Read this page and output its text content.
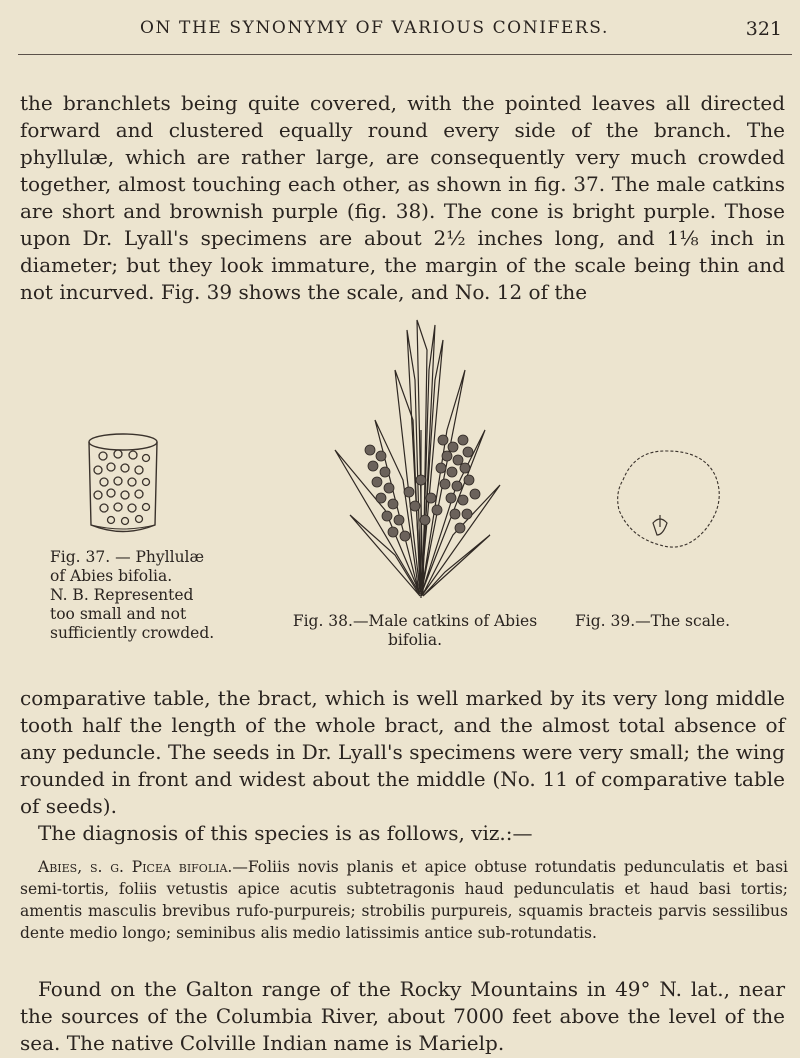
ON THE SYNONYMY OF VARIOUS CONIFERS.	321

the branchlets being quite covered, with the pointed leaves all directed forward and clustered equally round every side of the branch. The phyllulæ, which are rather large, are consequently very much crowded together, almost touching each other, as shown in fig. 37. The male catkins are short and brownish purple (fig. 38). The cone is bright purple. Those upon Dr. Lyall's specimens are about 2½ inches long, and 1⅛ inch in diameter; but they look immature, the margin of the scale being thin and not incurved. Fig. 39 shows the scale, and No. 12 of the

Fig. 37. — Phyllulæ
of Abies bifolia.
N. B. Represented
too small and not
sufficiently crowded.
Fig. 38.—Male catkins of Abies
bifolia.
Fig. 39.—The scale.

comparative table, the bract, which is well marked by its very long middle tooth half the length of the whole bract, and the almost total absence of any peduncle. The seeds in Dr. Lyall's specimens were very small; the wing rounded in front and widest about the middle (No. 11 of comparative table of seeds).

The diagnosis of this species is as follows, viz.:—

Abies, s. g. Picea bifolia.—Foliis novis planis et apice obtuse rotundatis pedunculatis et basi semi-tortis, foliis vetustis apice acutis subtetragonis haud pedunculatis et haud basi tortis; amentis masculis brevibus rufo-purpureis; strobilis purpureis, squamis bracteis parvis sessilibus dente medio longo; seminibus alis medio latissimis antice sub-rotundatis.

Found on the Galton range of the Rocky Mountains in 49° N. lat., near the sources of the Columbia River, about 7000 feet above the level of the sea. The native Colville Indian name is Marielp.
